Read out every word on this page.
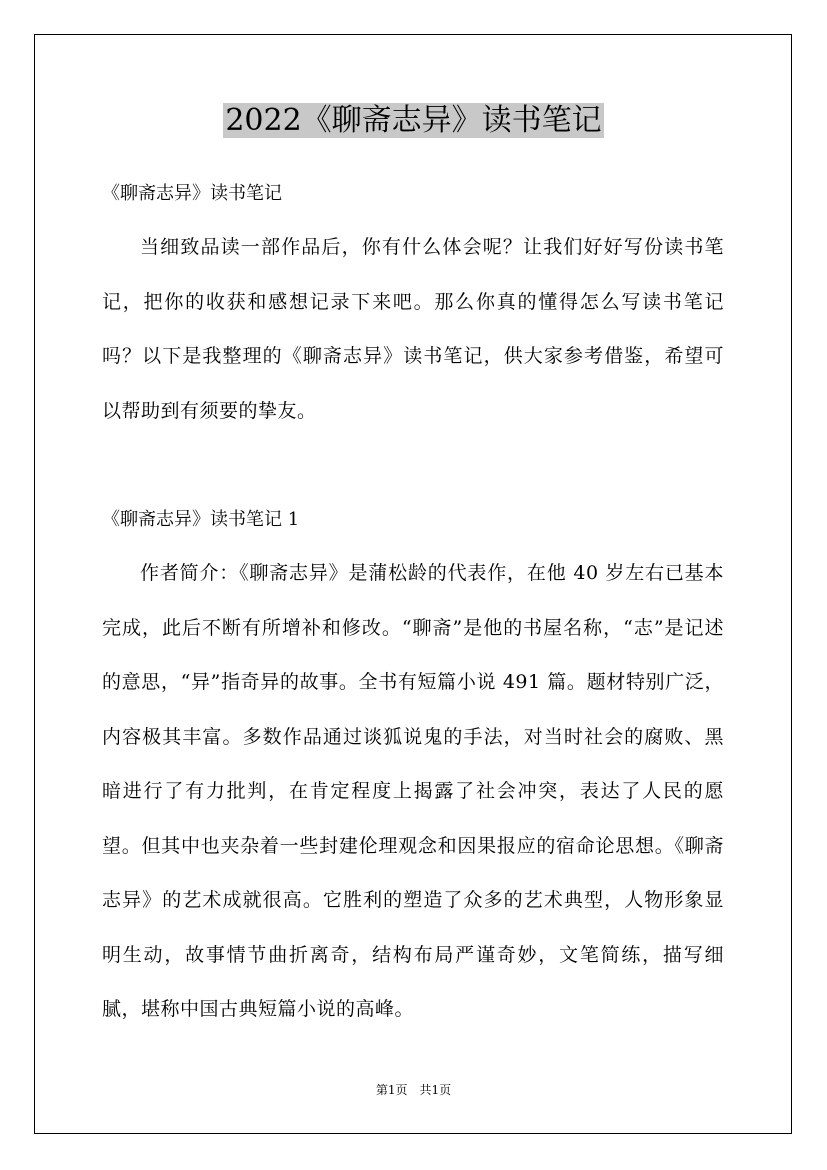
2022《聊斋志异》读书笔记
《聊斋志异》读书笔记

当细致品读一部作品后，你有什么体会呢？让我们好好写份读书笔记，把你的收获和感想记录下来吧。那么你真的懂得怎么写读书笔记吗？以下是我整理的《聊斋志异》读书笔记，供大家参考借鉴，希望可以帮助到有须要的挚友。

《聊斋志异》读书笔记 1

作者简介：《聊斋志异》是蒲松龄的代表作，在他 40 岁左右已基本完成，此后不断有所增补和修改。“聊斋”是他的书屋名称，“志”是记述的意思，“异”指奇异的故事。全书有短篇小说 491 篇。题材特别广泛，内容极其丰富。多数作品通过谈狐说鬼的手法，对当时社会的腐败、黑暗进行了有力批判，在肯定程度上揭露了社会冲突，表达了人民的愿望。但其中也夹杂着一些封建伦理观念和因果报应的宿命论思想。《聊斋志异》的艺术成就很高。它胜利的塑造了众多的艺术典型，人物形象显明生动，故事情节曲折离奇，结构布局严谨奇妙，文笔简练，描写细腻，堪称中国古典短篇小说的高峰。

第1页　共1页
